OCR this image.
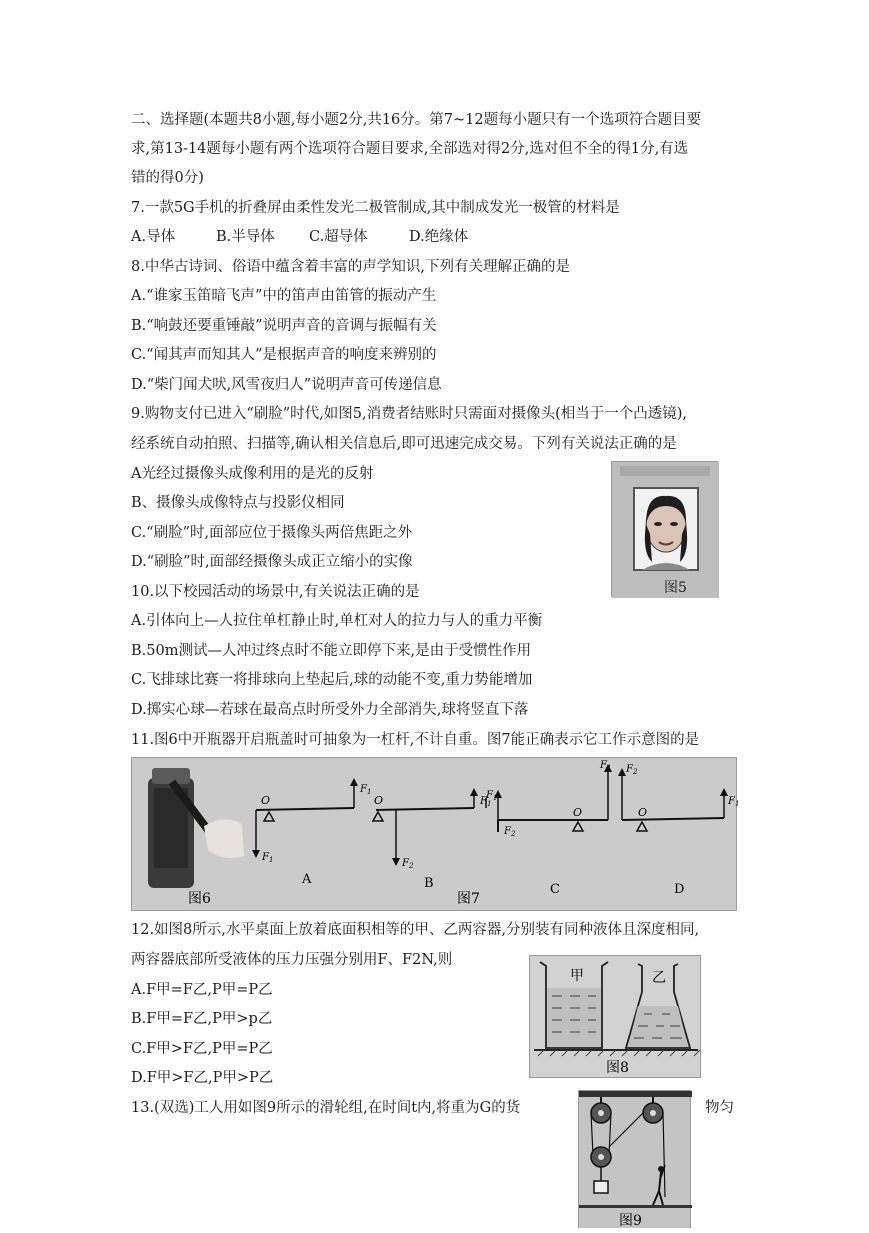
二、选择题(本题共8小题,每小题2分,共16分。第7~12题每小题只有一个选项符合题目要
求,第13-14题每小题有两个选项符合题目要求,全部选对得2分,选对但不全的得1分,有选
错的得0分)
7.一款5G手机的折叠屏由柔性发光二极管制成,其中制成发光一极管的材料是
A.导体	B.半导体 C.超导体	D.绝缘体
8.中华古诗词、俗语中蕴含着丰富的声学知识,下列有关理解正确的是
A.“谁家玉笛暗飞声”中的笛声由笛管的振动产生
B.“响鼓还要重锤敲”说明声音的音调与振幅有关
C.“闻其声而知其人”是根据声音的响度来辨别的
D.“柴门闻犬吠,风雪夜归人”说明声音可传递信息
9.购物支付已进入“刷脸”时代,如图5,消费者结账时只需面对摄像头(相当于一个凸透镜),
经系统自动拍照、扫描等,确认相关信息后,即可迅速完成交易。下列有关说法正确的是
A光经过摄像头成像利用的是光的反射
B、摄像头成像特点与投影仪相同
C.“刷脸”时,面部应位于摄像头两倍焦距之外
D.“刷脸”时,面部经摄像头成正立缩小的实像
图5
10.以下校园活动的场景中,有关说法正确的是
A.引体向上—人拉住单杠静止时,单杠对人的拉力与人的重力平衡
B.50m测试—人冲过终点时不能立即停下来,是由于受惯性作用
C.飞排球比赛一将排球向上垫起后,球的动能不变,重力势能增加
D.掷实心球—若球在最高点时所受外力全部消失,球将竖直下落
11.图6中开瓶器开启瓶盖时可抽象为一杠杆,不计自重。图7能正确表示它工作示意图的是
O
$F_1$
$F_1$
O
$F_2$
$F_1$
$F_2$
O
$F_1$
$F_1$
$F_2$
O
$F_1$
A	B	C	D
图6	图7
12.如图8所示,水平桌面上放着底面积相等的甲、乙两容器,分别装有同种液体且深度相同,
两容器底部所受液体的压力压强分别用F、F2N,则
A.F甲=F乙,P甲=P乙
B.F甲=F乙,P甲>p乙
C.F甲>F乙,P甲=P乙
D.F甲>F乙,P甲>P乙
甲	乙
图8
13.(双选)工人用如图9所示的滑轮组,在时间t内,将重为G的货	物匀
图9
